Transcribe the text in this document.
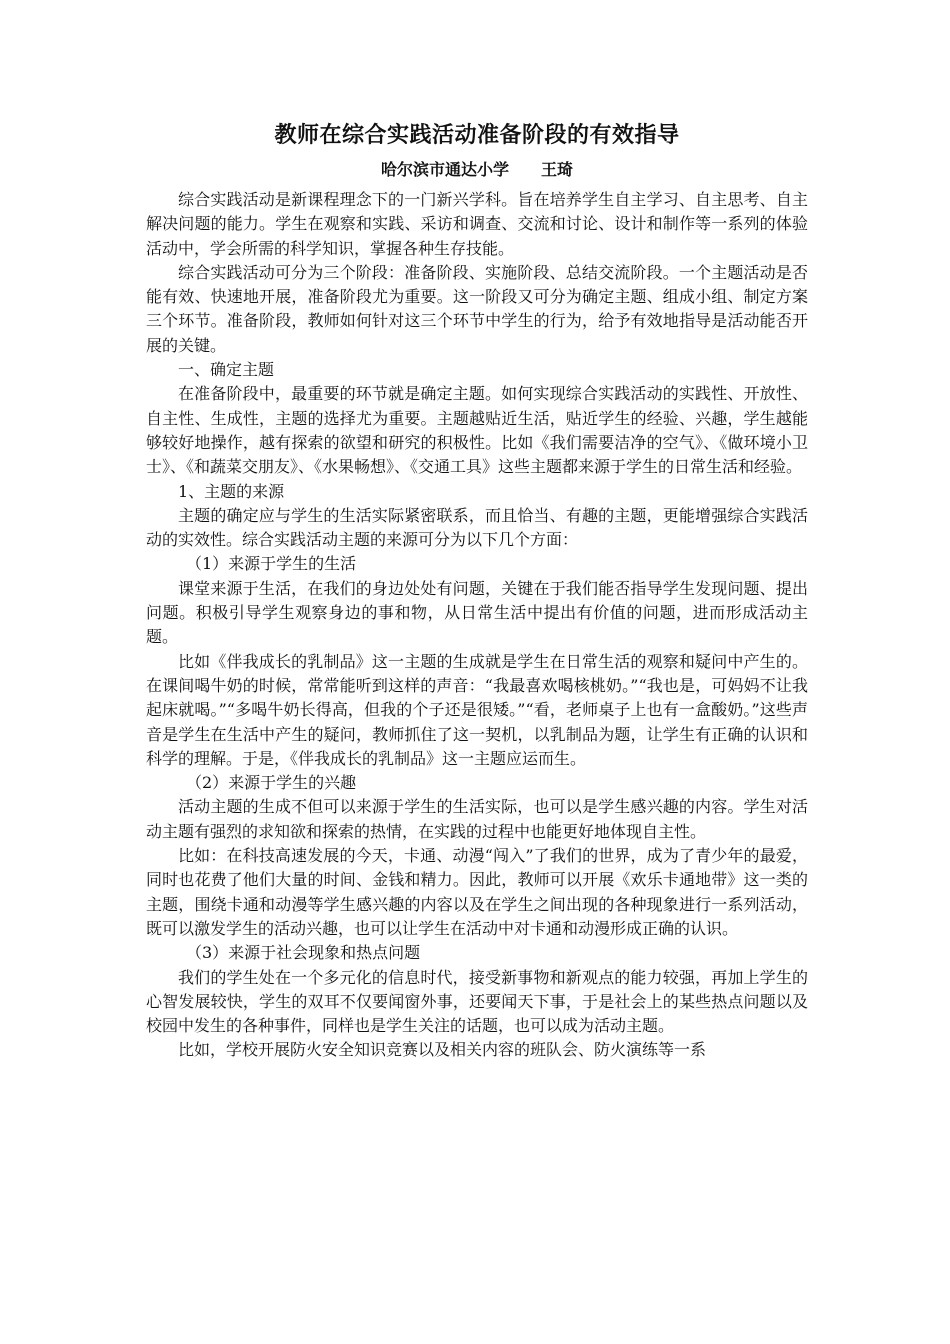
教师在综合实践活动准备阶段的有效指导
哈尔滨市通达小学 王琦

综合实践活动是新课程理念下的一门新兴学科。旨在培养学生自主学习、自主思考、自主解决问题的能力。学生在观察和实践、采访和调查、交流和讨论、设计和制作等一系列的体验活动中，学会所需的科学知识，掌握各种生存技能。

综合实践活动可分为三个阶段：准备阶段、实施阶段、总结交流阶段。一个主题活动是否能有效、快速地开展，准备阶段尤为重要。这一阶段又可分为确定主题、组成小组、制定方案三个环节。准备阶段，教师如何针对这三个环节中学生的行为，给予有效地指导是活动能否开展的关键。

一、确定主题

在准备阶段中，最重要的环节就是确定主题。如何实现综合实践活动的实践性、开放性、自主性、生成性，主题的选择尤为重要。主题越贴近生活，贴近学生的经验、兴趣，学生越能够较好地操作，越有探索的欲望和研究的积极性。比如《我们需要洁净的空气》、《做环境小卫士》、《和蔬菜交朋友》、《水果畅想》、《交通工具》这些主题都来源于学生的日常生活和经验。

1、主题的来源

主题的确定应与学生的生活实际紧密联系，而且恰当、有趣的主题，更能增强综合实践活动的实效性。综合实践活动主题的来源可分为以下几个方面：

（1）来源于学生的生活

课堂来源于生活，在我们的身边处处有问题，关键在于我们能否指导学生发现问题、提出问题。积极引导学生观察身边的事和物，从日常生活中提出有价值的问题，进而形成活动主题。

比如《伴我成长的乳制品》这一主题的生成就是学生在日常生活的观察和疑问中产生的。在课间喝牛奶的时候，常常能听到这样的声音：“我最喜欢喝核桃奶。”“我也是，可妈妈不让我起床就喝。”“多喝牛奶长得高，但我的个子还是很矮。”“看，老师桌子上也有一盒酸奶。”这些声音是学生在生活中产生的疑问，教师抓住了这一契机，以乳制品为题，让学生有正确的认识和科学的理解。于是，《伴我成长的乳制品》这一主题应运而生。

（2）来源于学生的兴趣

活动主题的生成不但可以来源于学生的生活实际，也可以是学生感兴趣的内容。学生对活动主题有强烈的求知欲和探索的热情，在实践的过程中也能更好地体现自主性。

比如：在科技高速发展的今天，卡通、动漫“闯入”了我们的世界，成为了青少年的最爱，同时也花费了他们大量的时间、金钱和精力。因此，教师可以开展《欢乐卡通地带》这一类的主题，围绕卡通和动漫等学生感兴趣的内容以及在学生之间出现的各种现象进行一系列活动，既可以激发学生的活动兴趣，也可以让学生在活动中对卡通和动漫形成正确的认识。

（3）来源于社会现象和热点问题

我们的学生处在一个多元化的信息时代，接受新事物和新观点的能力较强，再加上学生的心智发展较快，学生的双耳不仅要闻窗外事，还要闻天下事，于是社会上的某些热点问题以及校园中发生的各种事件，同样也是学生关注的话题，也可以成为活动主题。

比如，学校开展防火安全知识竞赛以及相关内容的班队会、防火演练等一系
